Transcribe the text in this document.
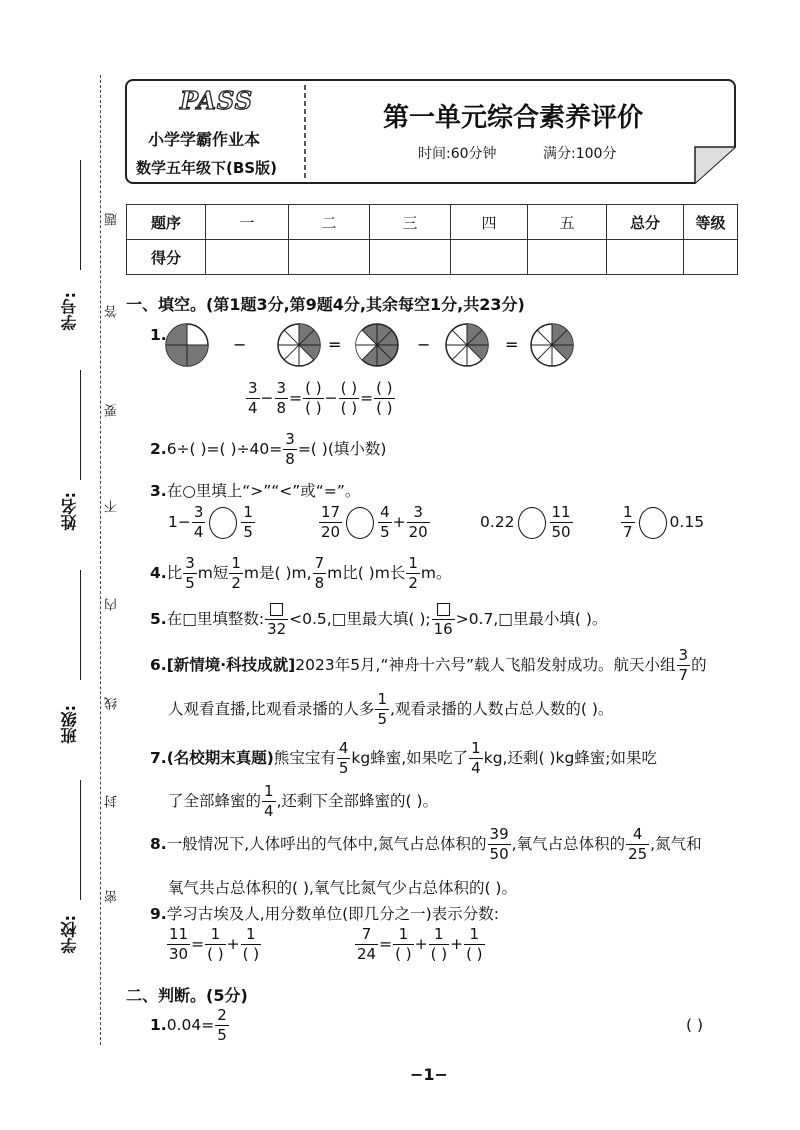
学号:
姓名:
班级:
学校:
题
答
要
不
内
线
封
密
PASS
小学学霸作业本
数学五年级下(BS版)
第一单元综合素养评价
时间:60分钟	满分:100分
题序	一	二	三	四	五	总分	等级
得分							
一、填空。(第1题3分,第9题4分,其余每空1分,共23分)
1.	−	=	−	=
$\frac{3}{4} - \frac{3}{8} = \frac{( )}{( )} - \frac{( )}{( )} = \frac{( )}{( )}$
2.6÷( )=( )$\div 40= \frac{3}{8}$ =( )(填小数)
3.在○里填上“>”“<”或“=”。
$1- \frac{3}{4} \frac{1}{5}$	$\frac{17}{20} \frac{4}{5} + \frac{3}{20}$	$0.22 \frac{11}{50}$	$\frac{1}{7} 0.15$
4.比 $\frac{3}{5}$ m短 $\frac{1}{2}$ m是( )m, $\frac{7}{8}$ m比( )m长 $\frac{1}{2}$ m。
5.在□里填整数:
32
<0.5,□里最大填( );
16
>0.7,□里最小填( )。
6.[新情境·科技成就]2023年5月,“神舟十六号”载人飞船发射成功。航天小组 $\frac{3}{7}$ 的
人观看直播,比观看录播的人多 $\frac{1}{5}$ ,观看录播的人数占总人数的( )。
7.(名校期末真题)熊宝宝有 $\frac{4}{5}$ kg蜂蜜,如果吃了 $\frac{1}{4}$ kg,还剩( )kg蜂蜜;如果吃
了全部蜂蜜的 $\frac{1}{4}$ ,还剩下全部蜂蜜的( )。
8.一般情况下,人体呼出的气体中,氮气占总体积的 $\frac{39}{50}$ ,氧气占总体积的 $\frac{4}{25}$ ,氮气和
氧气共占总体积的( ),氧气比氮气少占总体积的( )。
9.学习古埃及人,用分数单位(即几分之一)表示分数:
$\frac{11}{30} = \frac{1}{( )} + \frac{1}{( )}$	$\frac{7}{24} = \frac{1}{( )} + \frac{1}{( )} + \frac{1}{( )}$
二、判断。(5分)
$1.0.04= \frac{2}{5}$	( )
−1−
